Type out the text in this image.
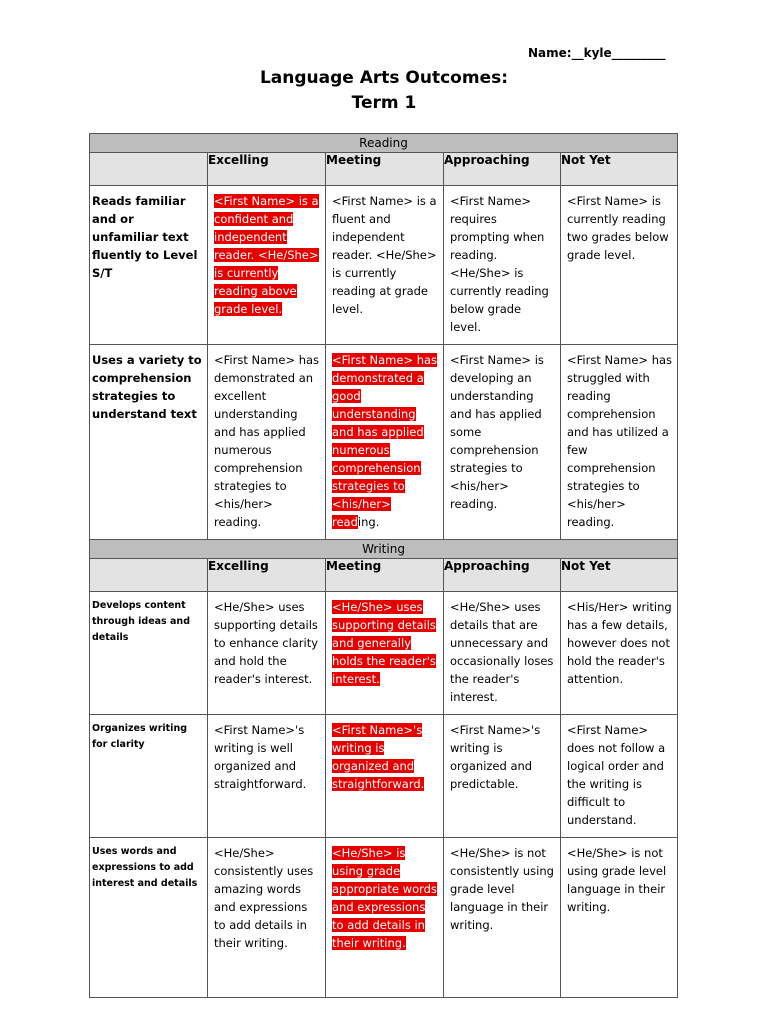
Name:__kyle_________
Language Arts Outcomes:
Term 1
Reading				
	Excelling	Meeting	Approaching	Not Yet
Reads familiar and or unfamiliar text fluently to Level S/T	<First Name> is a confident and independent reader. <He/She> is currently reading above grade level.	<First Name> is a fluent and independent reader. <He/She> is currently reading at grade level.	<First Name> requires prompting when reading. <He/She> is currently reading below grade level.	<First Name> is currently reading two grades below grade level.
Uses a variety to comprehension strategies to understand text	<First Name> has demonstrated an excellent understanding and has applied numerous comprehension strategies to <his/her> reading.	<First Name> has demonstrated a good understanding and has applied numerous comprehension strategies to <his/her> reading.	<First Name> is developing an understanding and has applied some comprehension strategies to <his/her> reading.	<First Name> has struggled with reading comprehension and has utilized a few comprehension strategies to <his/her> reading.
Writing				
	Excelling	Meeting	Approaching	Not Yet
Develops content through ideas and details	<He/She> uses supporting details to enhance clarity and hold the reader's interest.	<He/She> uses supporting details and generally holds the reader's interest.	<He/She> uses details that are unnecessary and occasionally loses the reader's interest.	<His/Her> writing has a few details, however does not hold the reader's attention.
Organizes writing for clarity	<First Name>'s writing is well organized and straightforward.	<First Name>'s writing is organized and straightforward.	<First Name>'s writing is organized and predictable.	<First Name> does not follow a logical order and the writing is difficult to understand.
Uses words and expressions to add interest and details	<He/She> consistently uses amazing words and expressions to add details in their writing.	<He/She> is using grade appropriate words and expressions to add details in their writing.	<He/She> is not consistently using grade level language in their writing.	<He/She> is not using grade level language in their writing.
